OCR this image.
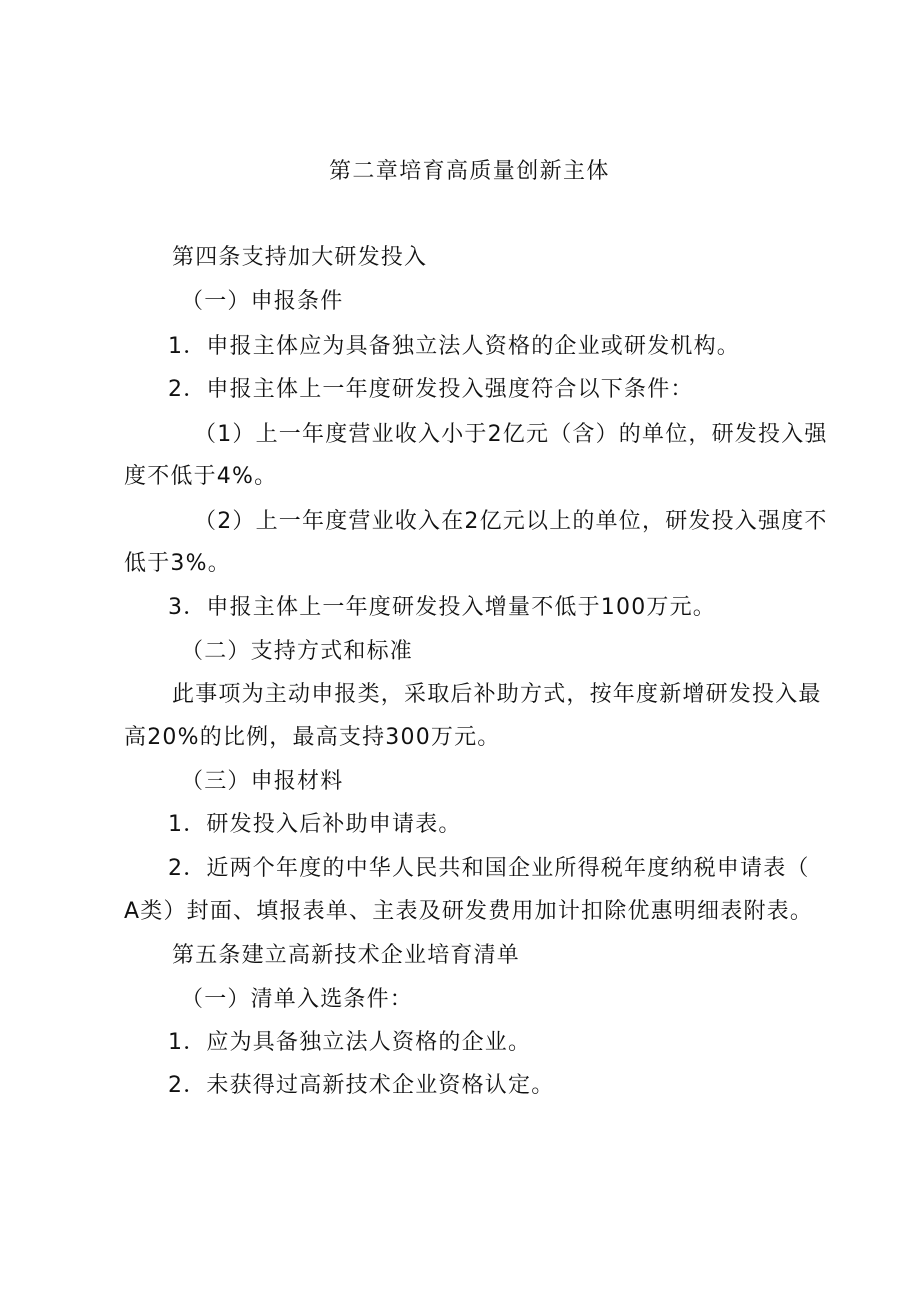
第二章培育高质量创新主体
第四条支持加大研发投入
（一）申报条件
1．申报主体应为具备独立法人资格的企业或研发机构。
2．申报主体上一年度研发投入强度符合以下条件：
（1）上一年度营业收入小于2亿元（含）的单位，研发投入强
度不低于4%。
（2）上一年度营业收入在2亿元以上的单位，研发投入强度不
低于3%。
3．申报主体上一年度研发投入增量不低于100万元。
（二）支持方式和标准
此事项为主动申报类，采取后补助方式，按年度新增研发投入最
高20%的比例，最高支持300万元。
（三）申报材料
1．研发投入后补助申请表。
2．近两个年度的中华人民共和国企业所得税年度纳税申请表（
A类）封面、填报表单、主表及研发费用加计扣除优惠明细表附表。
第五条建立高新技术企业培育清单
（一）清单入选条件：
1．应为具备独立法人资格的企业。
2．未获得过高新技术企业资格认定。
